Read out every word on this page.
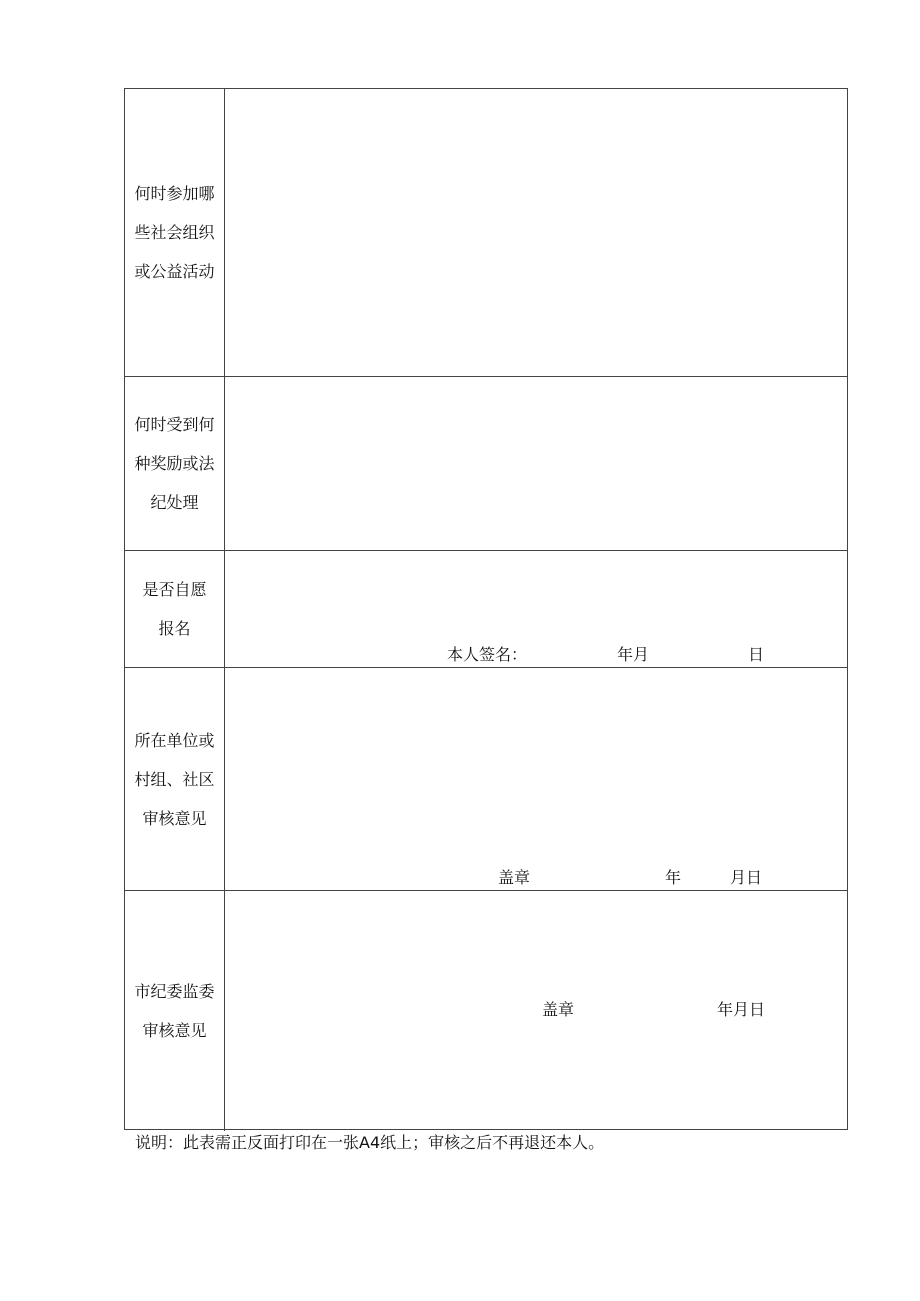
何时参加哪些社会组织或公益活动
何时受到何种奖励或法纪处理
是否自愿报名
本人签名：	年月	日
所在单位或村组、社区审核意见
盖章	年	月日
市纪委监委审核意见
盖章	年月日
说明：此表需正反面打印在一张A4纸上；审核之后不再退还本人。
